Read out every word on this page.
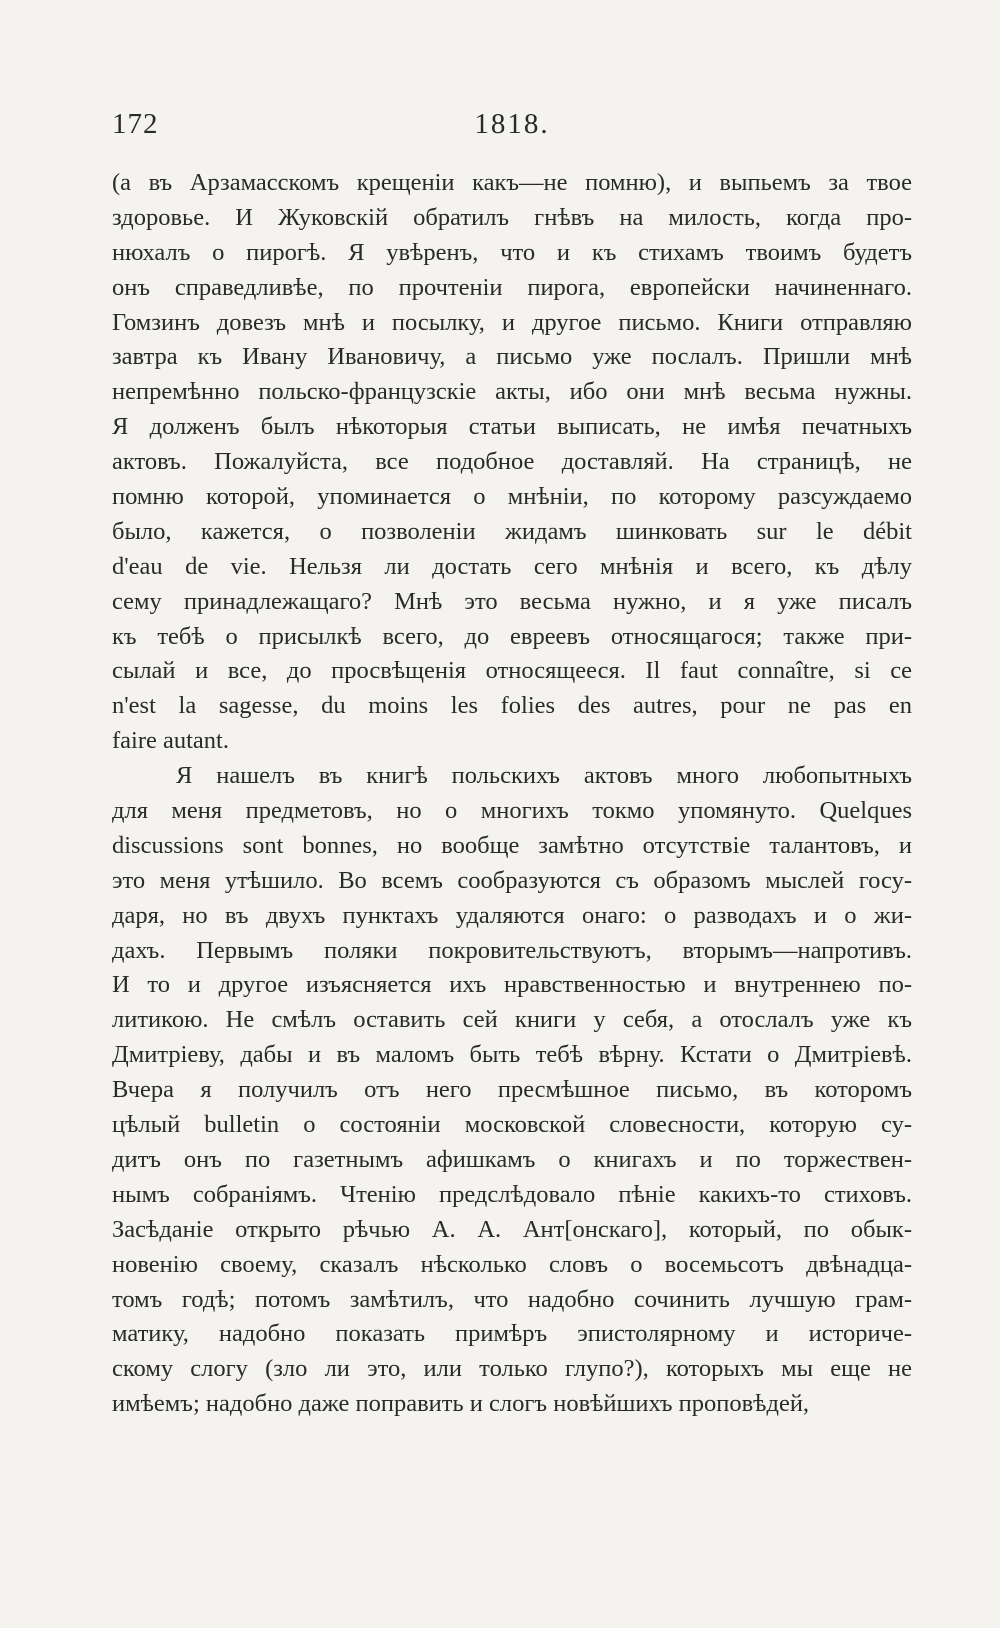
172	1818.
(а въ Арзамасскомъ крещеніи какъ—не помню), и выпьемъ за твое
здоровье. И Жуковскій обратилъ гнѣвъ на милость, когда про-
нюхалъ о пирогѣ. Я увѣренъ, что и къ стихамъ твоимъ будетъ
онъ справедливѣе, по прочтеніи пирога, европейски начиненнаго.
Гомзинъ довезъ мнѣ и посылку, и другое письмо. Книги отправляю
завтра къ Ивану Ивановичу, а письмо уже послалъ. Пришли мнѣ
непремѣнно польско-французскіе акты, ибо они мнѣ весьма нужны.
Я долженъ былъ нѣкоторыя статьи выписать, не имѣя печатныхъ
актовъ. Пожалуйста, все подобное доставляй. На страницѣ, не
помню которой, упоминается о мнѣніи, по которому разсуждаемо
было, кажется, о позволеніи жидамъ шинковать sur le débit
d'eau de vie. Нельзя ли достать сего мнѣнія и всего, къ дѣлу
сему принадлежащаго? Мнѣ это весьма нужно, и я уже писалъ
къ тебѣ о присылкѣ всего, до евреевъ относящагося; также при-
сылай и все, до просвѣщенія относящееся. Il faut connaître, si ce
n'est la sagesse, du moins les folies des autres, pour ne pas en
faire autant.
Я нашелъ въ книгѣ польскихъ актовъ много любопытныхъ
для меня предметовъ, но о многихъ токмо упомянуто. Quelques
discussions sont bonnes, но вообще замѣтно отсутствіе талантовъ, и
это меня утѣшило. Во всемъ сообразуются съ образомъ мыслей госу-
даря, но въ двухъ пунктахъ удаляются онаго: о разводахъ и о жи-
дахъ. Первымъ поляки покровительствуютъ, вторымъ—напротивъ.
И то и другое изъясняется ихъ нравственностью и внутреннею по-
литикою. Не смѣлъ оставить сей книги у себя, а отослалъ уже къ
Дмитріеву, дабы и въ маломъ быть тебѣ вѣрну. Кстати о Дмитріевѣ.
Вчера я получилъ отъ него пресмѣшное письмо, въ которомъ
цѣлый bulletin о состояніи московской словесности, которую су-
дитъ онъ по газетнымъ афишкамъ о книгахъ и по торжествен-
нымъ собраніямъ. Чтенію предслѣдовало пѣніе какихъ-то стиховъ.
Засѣданіе открыто рѣчью А. А. Ант[онскаго], который, по обык-
новенію своему, сказалъ нѣсколько словъ о восемьсотъ двѣнадца-
томъ годѣ; потомъ замѣтилъ, что надобно сочинить лучшую грам-
матику, надобно показать примѣръ эпистолярному и историче-
скому слогу (зло ли это, или только глупо?), которыхъ мы еще не
имѣемъ; надобно даже поправить и слогъ новѣйшихъ проповѣдей,
